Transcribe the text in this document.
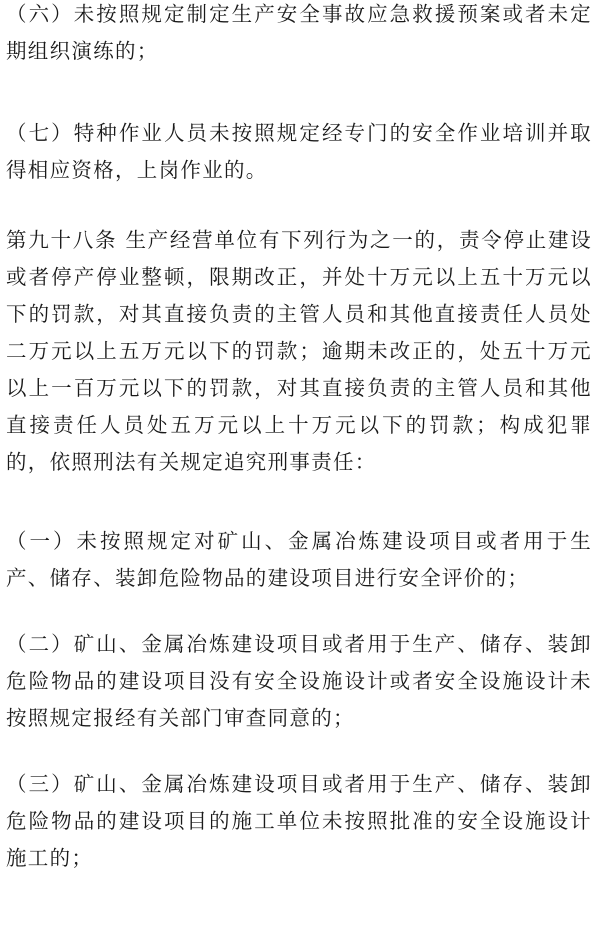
（六）未按照规定制定生产安全事故应急救援预案或者未定期组织演练的；

（七）特种作业人员未按照规定经专门的安全作业培训并取得相应资格，上岗作业的。

第九十八条 生产经营单位有下列行为之一的，责令停止建设或者停产停业整顿，限期改正，并处十万元以上五十万元以下的罚款，对其直接负责的主管人员和其他直接责任人员处二万元以上五万元以下的罚款；逾期未改正的，处五十万元以上一百万元以下的罚款，对其直接负责的主管人员和其他直接责任人员处五万元以上十万元以下的罚款；构成犯罪的，依照刑法有关规定追究刑事责任：

（一）未按照规定对矿山、金属冶炼建设项目或者用于生产、储存、装卸危险物品的建设项目进行安全评价的；

（二）矿山、金属冶炼建设项目或者用于生产、储存、装卸危险物品的建设项目没有安全设施设计或者安全设施设计未按照规定报经有关部门审查同意的；

（三）矿山、金属冶炼建设项目或者用于生产、储存、装卸危险物品的建设项目的施工单位未按照批准的安全设施设计施工的；
